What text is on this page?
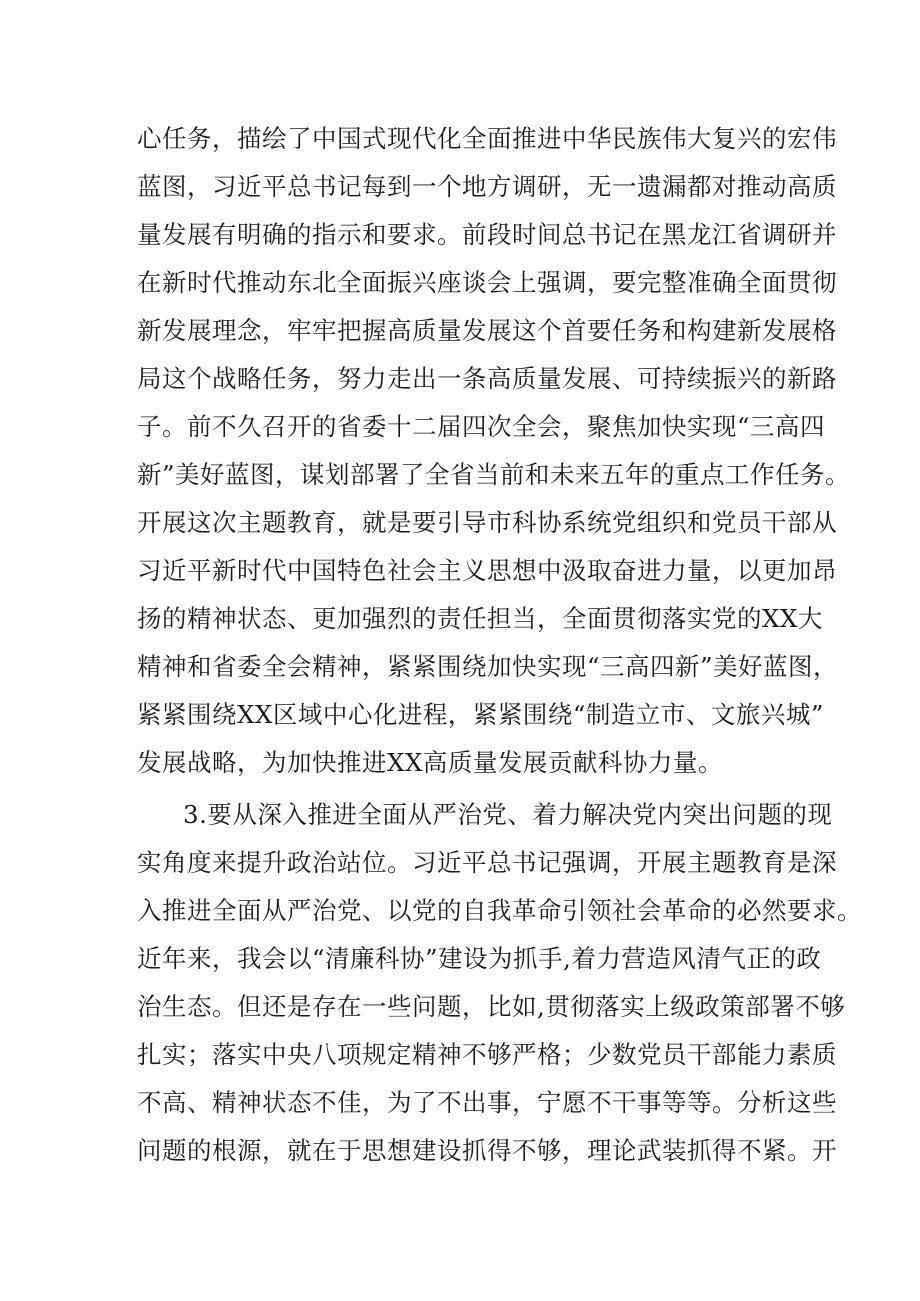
心任务，描绘了中国式现代化全面推进中华民族伟大复兴的宏伟
蓝图，习近平总书记每到一个地方调研，无一遗漏都对推动高质
量发展有明确的指示和要求。前段时间总书记在黑龙江省调研并
在新时代推动东北全面振兴座谈会上强调，要完整准确全面贯彻
新发展理念，牢牢把握高质量发展这个首要任务和构建新发展格
局这个战略任务，努力走出一条高质量发展、可持续振兴的新路
子。前不久召开的省委十二届四次全会，聚焦加快实现“三高四
新”美好蓝图，谋划部署了全省当前和未来五年的重点工作任务。
开展这次主题教育，就是要引导市科协系统党组织和党员干部从
习近平新时代中国特色社会主义思想中汲取奋进力量，以更加昂
扬的精神状态、更加强烈的责任担当，全面贯彻落实党的XX大
精神和省委全会精神，紧紧围绕加快实现“三高四新”美好蓝图，
紧紧围绕XX区域中心化进程，紧紧围绕“制造立市、文旅兴城”
发展战略，为加快推进XX高质量发展贡献科协力量。
3.要从深入推进全面从严治党、着力解决党内突出问题的现
实角度来提升政治站位。习近平总书记强调，开展主题教育是深
入推进全面从严治党、以党的自我革命引领社会革命的必然要求。
近年来，我会以“清廉科协”建设为抓手,着力营造风清气正的政
治生态。但还是存在一些问题，比如,贯彻落实上级政策部署不够
扎实；落实中央八项规定精神不够严格；少数党员干部能力素质
不高、精神状态不佳，为了不出事，宁愿不干事等等。分析这些
问题的根源，就在于思想建设抓得不够，理论武装抓得不紧。开
